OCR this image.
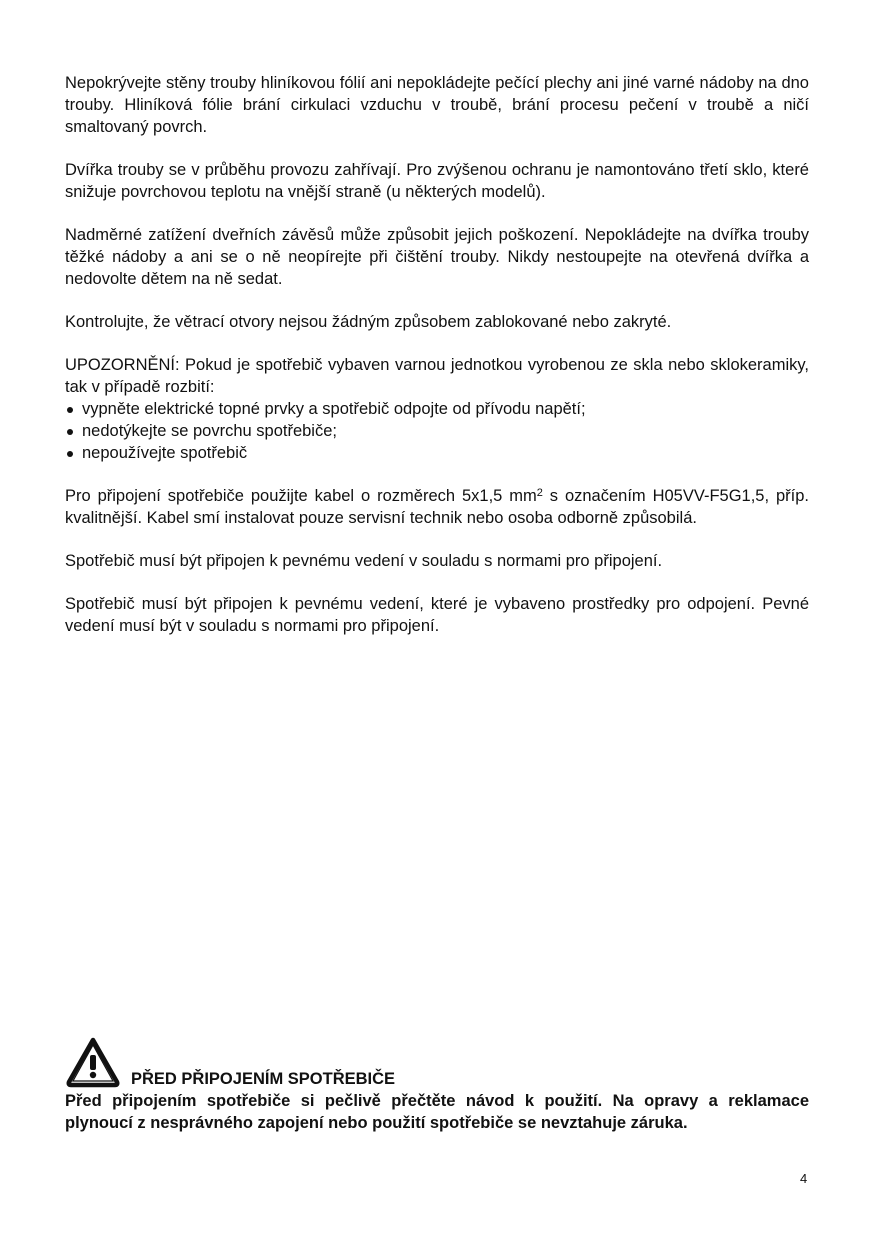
Nepokrývejte stěny trouby hliníkovou fólií ani nepokládejte pečící plechy ani jiné varné nádoby na dno trouby. Hliníková fólie brání cirkulaci vzduchu v troubě, brání procesu pečení v troubě a ničí smaltovaný povrch.

Dvířka trouby se v průběhu provozu zahřívají. Pro zvýšenou ochranu je namontováno třetí sklo, které snižuje povrchovou teplotu na vnější straně (u některých modelů).

Nadměrné zatížení dveřních závěsů může způsobit jejich poškození. Nepokládejte na dvířka trouby těžké nádoby a ani se o ně neopírejte při čištění trouby. Nikdy nestoupejte na otevřená dvířka a nedovolte dětem na ně sedat.

Kontrolujte, že větrací otvory nejsou žádným způsobem zablokované nebo zakryté.

UPOZORNĚNÍ: Pokud je spotřebič vybaven varnou jednotkou vyrobenou ze skla nebo sklokeramiky, tak v případě rozbití:

vypněte elektrické topné prvky a spotřebič odpojte od přívodu napětí;
nedotýkejte se povrchu spotřebiče;
nepoužívejte spotřebič

Pro připojení spotřebiče použijte kabel o rozměrech 5x1,5 $mm^2$ s označením H05VV-F5G1,5, příp. kvalitnější. Kabel smí instalovat pouze servisní technik nebo osoba odborně způsobilá.

Spotřebič musí být připojen k pevnému vedení v souladu s normami pro připojení.

Spotřebič musí být připojen k pevnému vedení, které je vybaveno prostředky pro odpojení. Pevné vedení musí být v souladu s normami pro připojení.

PŘED PŘIPOJENÍM SPOTŘEBIČE

Před připojením spotřebiče si pečlivě přečtěte návod k použití. Na opravy a reklamace plynoucí z nesprávného zapojení nebo použití spotřebiče se nevztahuje záruka.

4
